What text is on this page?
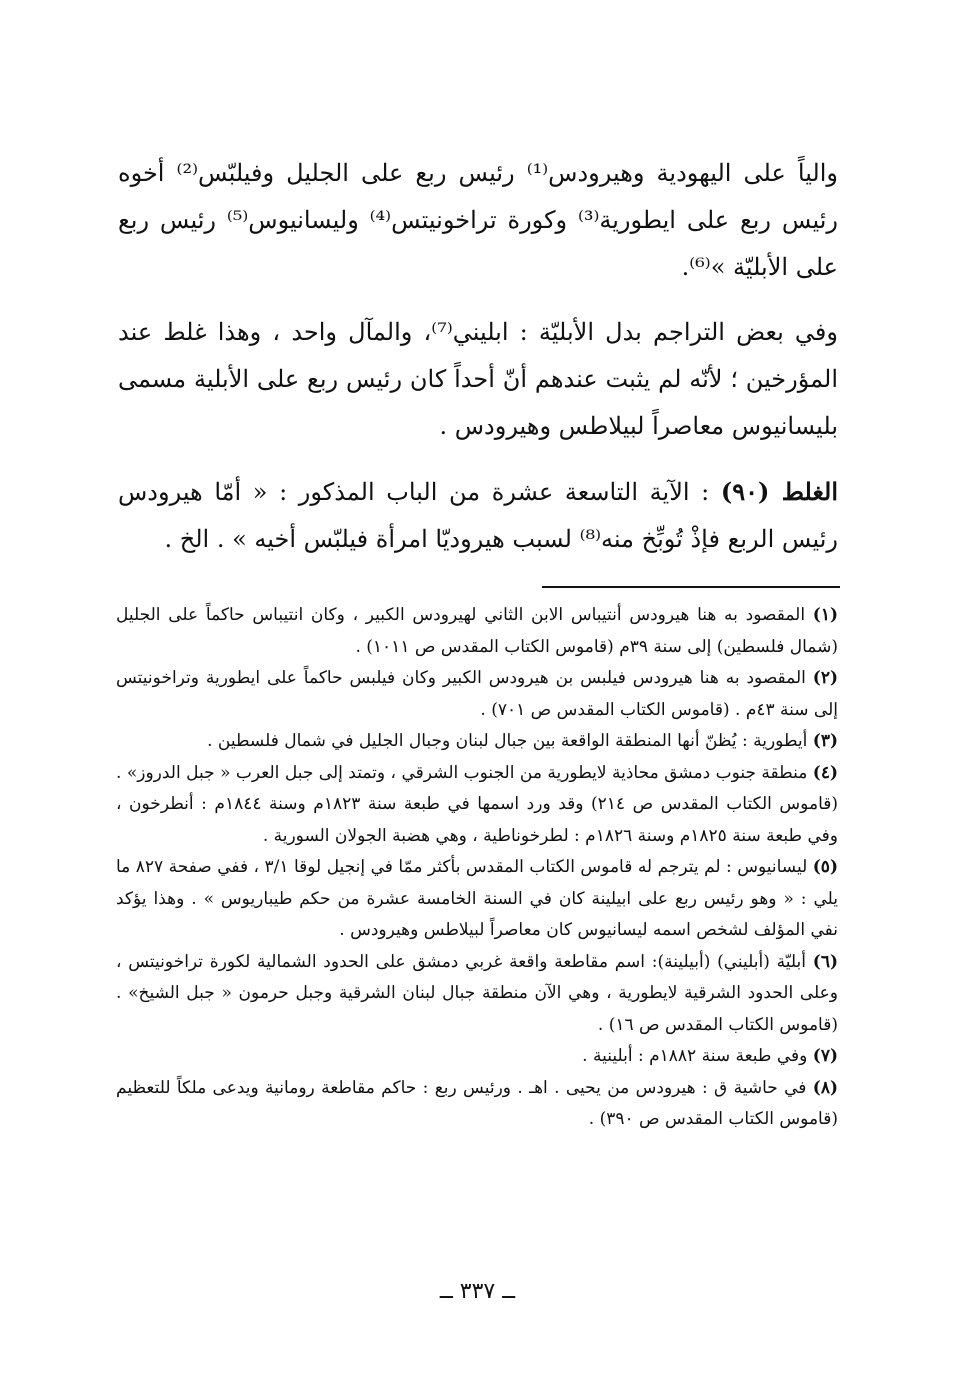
والياً على اليهودية وهيرودس⁽¹⁾ رئيس ربع على الجليل وفيلبّس⁽²⁾ أخوه رئيس ربع على ايطورية⁽³⁾ وكورة تراخونيتس⁽⁴⁾ وليسانيوس⁽⁵⁾ رئيس ربع على الأبليّة »⁽⁶⁾.

وفي بعض التراجم بدل الأبليّة : ابليني⁽⁷⁾، والمآل واحد ، وهذا غلط عند المؤرخين ؛ لأنّه لم يثبت عندهم أنّ أحداً كان رئيس ربع على الأبلية مسمى بليسانيوس معاصراً لبيلاطس وهيرودس .

الغلط (٩٠) : الآية التاسعة عشرة من الباب المذكور : « أمّا هيرودس رئيس الربع فإذْ تُوبِّخ منه⁽⁸⁾ لسبب هيروديّا امرأة فيلبّس أخيه » . الخ .

(١) المقصود به هنا هيرودس أنتيباس الابن الثاني لهيرودس الكبير ، وكان انتيباس حاكماً على الجليل (شمال فلسطين) إلى سنة ٣٩م (قاموس الكتاب المقدس ص ١٠١١) .

(٢) المقصود به هنا هيرودس فيلبس بن هيرودس الكبير وكان فيلبس حاكماً على ايطورية وتراخونيتس إلى سنة ٤٣م . (قاموس الكتاب المقدس ص ٧٠١) .

(٣) أيطورية : يُظنّ أنها المنطقة الواقعة بين جبال لبنان وجبال الجليل في شمال فلسطين .

(٤) منطقة جنوب دمشق محاذية لايطورية من الجنوب الشرقي ، وتمتد إلى جبل العرب « جبل الدروز» . (قاموس الكتاب المقدس ص ٢١٤) وقد ورد اسمها في طبعة سنة ١٨٢٣م وسنة ١٨٤٤م : أنطرخون ، وفي طبعة سنة ١٨٢٥م وسنة ١٨٢٦م : لطرخوناطية ، وهي هضبة الجولان السورية .

(٥) ليسانيوس : لم يترجم له قاموس الكتاب المقدس بأكثر ممّا في إنجيل لوقا ٣/١ ، ففي صفحة ٨٢٧ ما يلي : « وهو رئيس ربع على ابيلينة كان في السنة الخامسة عشرة من حكم طيباريوس » . وهذا يؤكد نفي المؤلف لشخص اسمه ليسانيوس كان معاصراً لبيلاطس وهيرودس .

(٦) أبليّة (أبليني) (أبيلينة): اسم مقاطعة واقعة غربي دمشق على الحدود الشمالية لكورة تراخونيتس ، وعلى الحدود الشرقية لايطورية ، وهي الآن منطقة جبال لبنان الشرقية وجبل حرمون « جبل الشيخ» . (قاموس الكتاب المقدس ص ١٦) .

(٧) وفي طبعة سنة ١٨٨٢م : أبلينية .

(٨) في حاشية ق : هيرودس من يحيى . اهـ . ورئيس ربع : حاكم مقاطعة رومانية ويدعى ملكاً للتعظيم (قاموس الكتاب المقدس ص ٣٩٠) .

ــ ٣٣٧ ــ
